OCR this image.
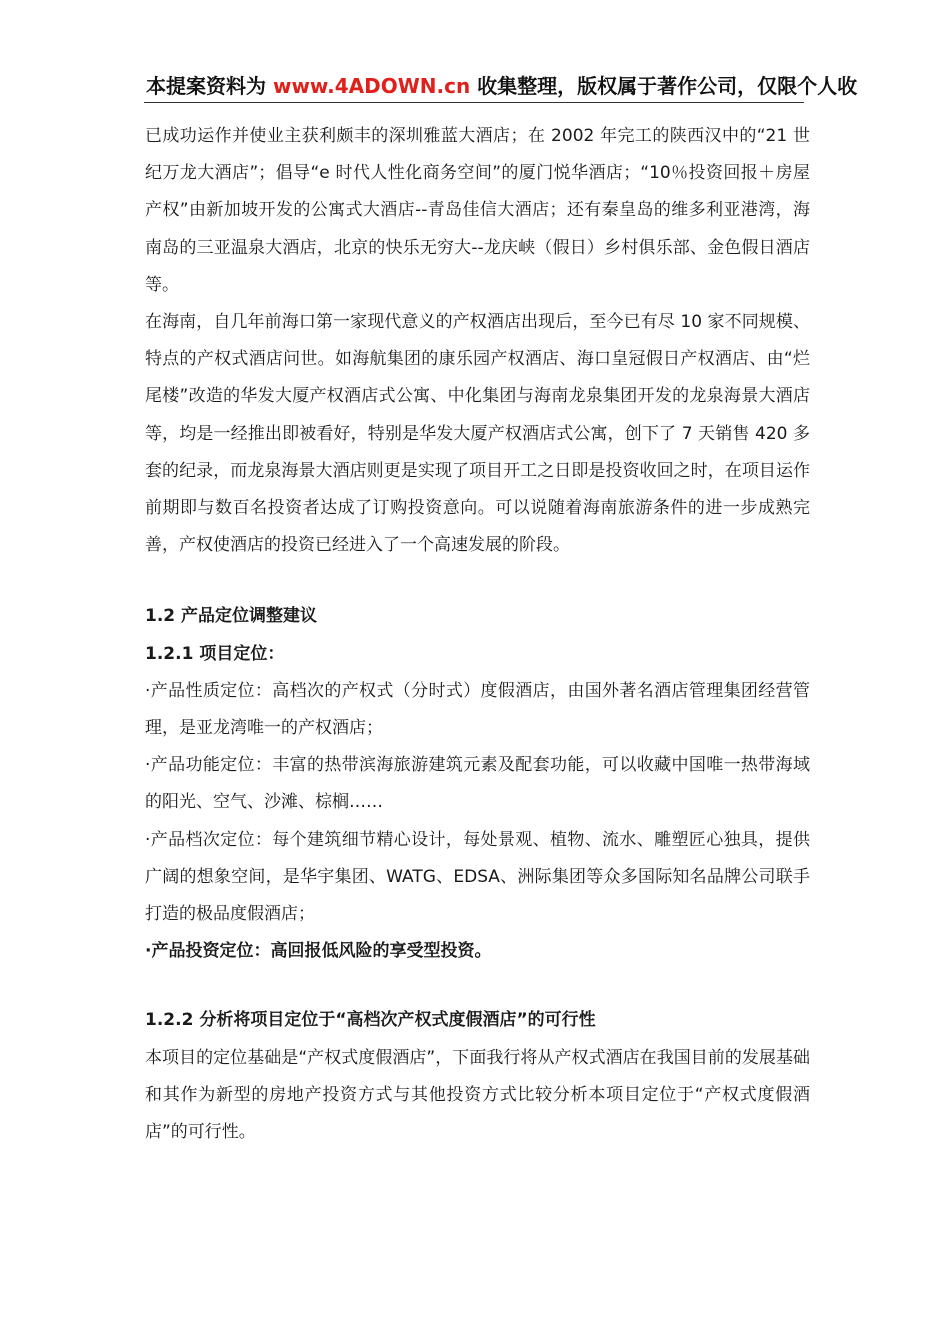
本提案资料为 www.4ADOWN.cn 收集整理，版权属于著作公司，仅限个人收

已成功运作并使业主获利颇丰的深圳雅蓝大酒店；在 2002 年完工的陕西汉中的“21 世纪万龙大酒店”；倡导“e 时代人性化商务空间”的厦门悦华酒店；“10％投资回报＋房屋产权”由新加坡开发的公寓式大酒店--青岛佳信大酒店；还有秦皇岛的维多利亚港湾，海南岛的三亚温泉大酒店，北京的快乐无穷大--龙庆峡（假日）乡村俱乐部、金色假日酒店等。

在海南，自几年前海口第一家现代意义的产权酒店出现后，至今已有尽 10 家不同规模、特点的产权式酒店问世。如海航集团的康乐园产权酒店、海口皇冠假日产权酒店、由“烂尾楼”改造的华发大厦产权酒店式公寓、中化集团与海南龙泉集团开发的龙泉海景大酒店等，均是一经推出即被看好，特别是华发大厦产权酒店式公寓，创下了 7 天销售 420 多套的纪录，而龙泉海景大酒店则更是实现了项目开工之日即是投资收回之时，在项目运作前期即与数百名投资者达成了订购投资意向。可以说随着海南旅游条件的进一步成熟完善，产权使酒店的投资已经进入了一个高速发展的阶段。

1.2 产品定位调整建议

1.2.1 项目定位：

·产品性质定位：高档次的产权式（分时式）度假酒店，由国外著名酒店管理集团经营管理，是亚龙湾唯一的产权酒店；

·产品功能定位：丰富的热带滨海旅游建筑元素及配套功能，可以收藏中国唯一热带海域的阳光、空气、沙滩、棕榈……

·产品档次定位：每个建筑细节精心设计，每处景观、植物、流水、雕塑匠心独具，提供广阔的想象空间，是华宇集团、WATG、EDSA、洲际集团等众多国际知名品牌公司联手打造的极品度假酒店；

·产品投资定位：高回报低风险的享受型投资。

1.2.2 分析将项目定位于“高档次产权式度假酒店”的可行性

本项目的定位基础是“产权式度假酒店”，下面我行将从产权式酒店在我国目前的发展基础和其作为新型的房地产投资方式与其他投资方式比较分析本项目定位于“产权式度假酒店”的可行性。
